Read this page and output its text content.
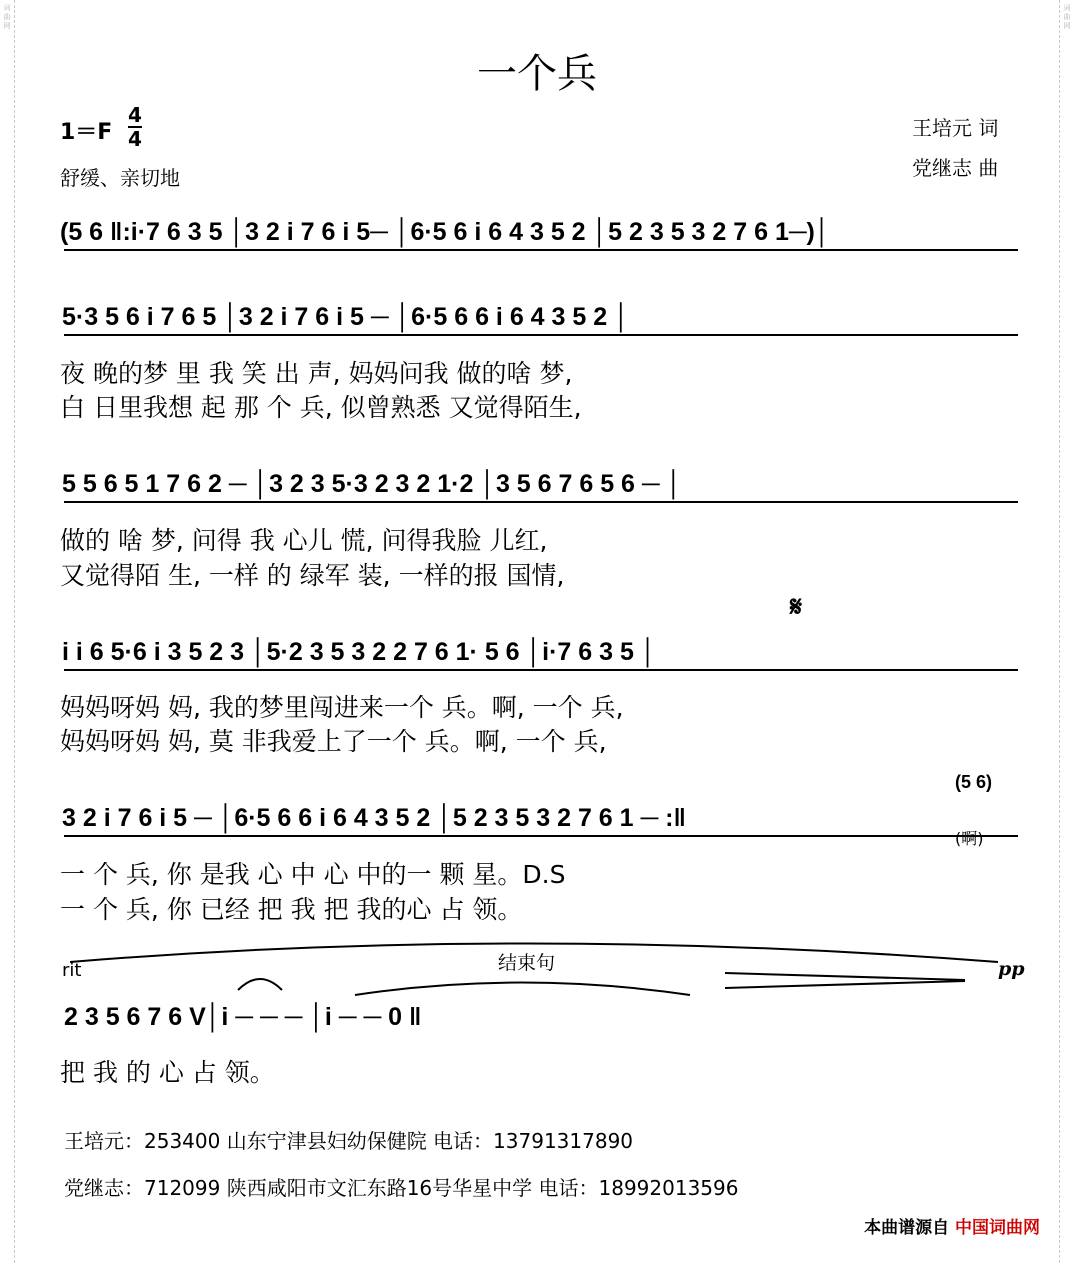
一个兵
1＝F
4
4
舒缓、亲切地
王培元 词
党继志 曲
(5 6 ‖:i·7 6 3 5 │3 2 i 7 6 i 5─ │6·5 6 i 6 4 3 5 2 │5 2 3 5 3 2 7 6 1─)│
5·3 5 6 i 7 6 5 │3 2 i 7 6 i 5 ─ │6·5 6 6 i 6 4 3 5 2 │
夜 晚的梦 里 我 笑 出 声, 妈妈问我 做的啥 梦,
白 日里我想 起 那 个 兵, 似曾熟悉 又觉得陌生,
5 5 6 5 1 7 6 2 ─ │3 2 3 5·3 2 3 2 1·2 │3 5 6 7 6 5 6 ─ │
做的 啥 梦, 问得 我 心儿 慌, 问得我脸 儿红,
又觉得陌 生, 一样 的 绿军 装, 一样的报 国情,
𝄋
i i 6 5·6 i 3 5 2 3 │5·2 3 5 3 2 2 7 6 1· 5 6 │i·7 6 3 5 │
妈妈呀妈 妈, 我的梦里闯进来一个 兵。啊, 一个 兵,
妈妈呀妈 妈, 莫 非我爱上了一个 兵。啊, 一个 兵,
(5 6)
(啊)
3 2 i 7 6 i 5 ─ │6·5 6 6 i 6 4 3 5 2 │5 2 3 5 3 2 7 6 1 ─ :‖
一 个 兵, 你 是我 心 中 心 中的一 颗 星。D.S
一 个 兵, 你 已经 把 我 把 我的心 占 领。
rit	结束句	pp
2 3 5 6 7 6 V│i ─ ─ ─ │i ─ ─ 0 ‖
把 我 的 心 占 领。
王培元：253400 山东宁津县妇幼保健院 电话：13791317890
党继志：712099 陕西咸阳市文汇东路16号华星中学 电话：18992013596
本曲谱源自 中国词曲网
词曲网
词曲网
